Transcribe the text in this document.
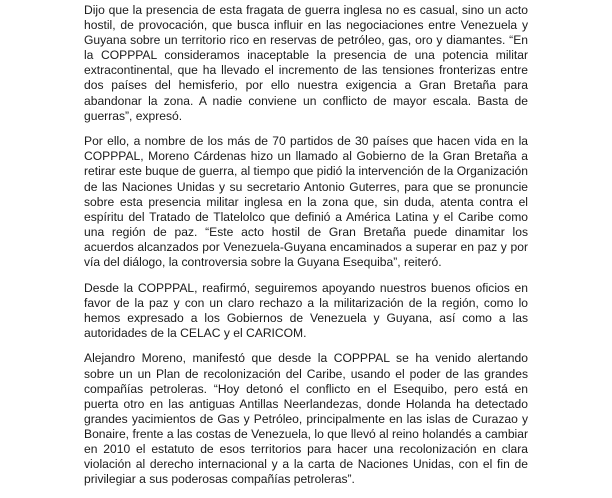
Dijo que la presencia de esta fragata de guerra inglesa no es casual, sino un acto hostil, de provocación, que busca influir en las negociaciones entre Venezuela y Guyana sobre un territorio rico en reservas de petróleo, gas, oro y diamantes. “En la COPPPAL consideramos inaceptable la presencia de una potencia militar extracontinental, que ha llevado el incremento de las tensiones fronterizas entre dos países del hemisferio, por ello nuestra exigencia a Gran Bretaña para abandonar la zona. A nadie conviene un conflicto de mayor escala. Basta de guerras”, expresó.

Por ello, a nombre de los más de 70 partidos de 30 países que hacen vida en la COPPPAL, Moreno Cárdenas hizo un llamado al Gobierno de la Gran Bretaña a retirar este buque de guerra, al tiempo que pidió la intervención de la Organización de las Naciones Unidas y su secretario Antonio Guterres, para que se pronuncie sobre esta presencia militar inglesa en la zona que, sin duda, atenta contra el espíritu del Tratado de Tlatelolco que definió a América Latina y el Caribe como una región de paz. “Este acto hostil de Gran Bretaña puede dinamitar los acuerdos alcanzados por Venezuela-Guyana encaminados a superar en paz y por vía del diálogo, la controversia sobre la Guyana Esequiba”, reiteró.

Desde la COPPPAL, reafirmó, seguiremos apoyando nuestros buenos oficios en favor de la paz y con un claro rechazo a la militarización de la región, como lo hemos expresado a los Gobiernos de Venezuela y Guyana, así como a las autoridades de la CELAC y el CARICOM.

Alejandro Moreno, manifestó que desde la COPPPAL se ha venido alertando sobre un un Plan de recolonización del Caribe, usando el poder de las grandes compañías petroleras. “Hoy detonó el conflicto en el Esequibo, pero está en puerta otro en las antiguas Antillas Neerlandezas, donde Holanda ha detectado grandes yacimientos de Gas y Petróleo, principalmente en las islas de Curazao y Bonaire, frente a las costas de Venezuela, lo que llevó al reino holandés a cambiar en 2010 el estatuto de esos territorios para hacer una recolonización en clara violación al derecho internacional y a la carta de Naciones Unidas, con el fin de privilegiar a sus poderosas compañías petroleras”.
